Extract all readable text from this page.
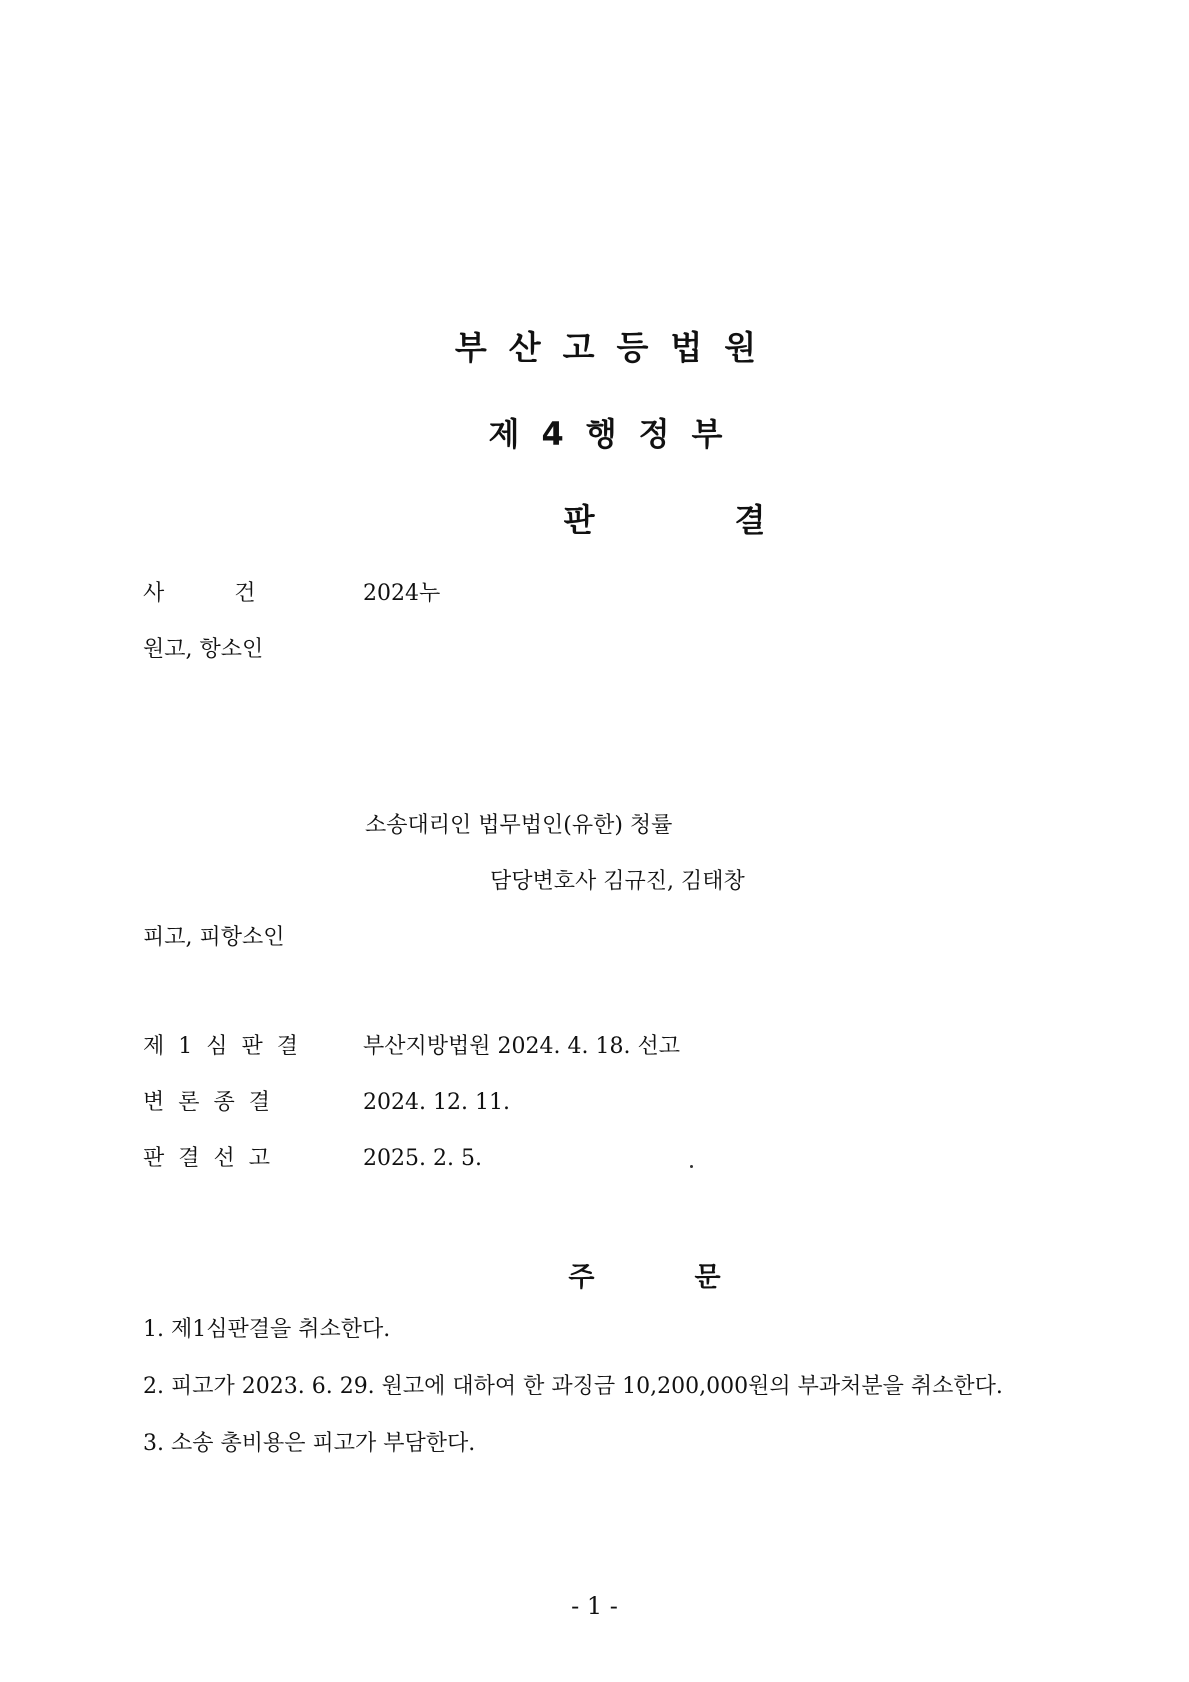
부산고등법원
제4행정부
판결
사건 2024누
원고, 항소인
소송대리인 법무법인(유한) 청률
담당변호사 김규진, 김태창
피고, 피항소인
제1심판결 부산지방법원 2024. 4. 18. 선고
변론종결	2024. 12. 11.
판결선고	2025. 2. 5.
주문
1. 제1심판결을 취소한다.
2. 피고가 2023. 6. 29. 원고에 대하여 한 과징금 10,200,000원의 부과처분을 취소한다.
3. 소송 총비용은 피고가 부담한다.
- 1 -
